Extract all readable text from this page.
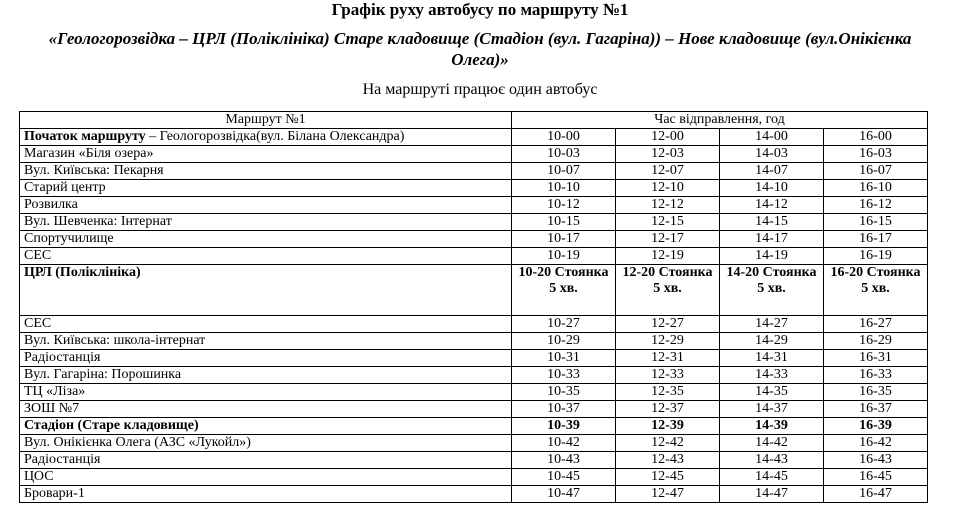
Графік руху автобусу по маршруту №1
«Геологорозвідка – ЦРЛ (Поліклініка) Старе кладовище (Стадіон (вул. Гагаріна)) – Нове кладовище (вул.Онікієнка Олега)»
На маршруті працює один автобус
Маршрут №1	Час відправлення, год			
Початок маршруту – Геологорозвідка(вул. Білана Олександра)	10-00	12-00	14-00	16-00
Магазин «Біля озера»	10-03	12-03	14-03	16-03
Вул. Київська: Пекарня	10-07	12-07	14-07	16-07
Старий центр	10-10	12-10	14-10	16-10
Розвилка	10-12	12-12	14-12	16-12
Вул. Шевченка: Інтернат	10-15	12-15	14-15	16-15
Спортучилище	10-17	12-17	14-17	16-17
СЕС	10-19	12-19	14-19	16-19
ЦРЛ (Поліклініка)	10-20 Стоянка 5 хв.	12-20 Стоянка 5 хв.	14-20 Стоянка 5 хв.	16-20 Стоянка 5 хв.
СЕС	10-27	12-27	14-27	16-27
Вул. Київська: школа-інтернат	10-29	12-29	14-29	16-29
Радіостанція	10-31	12-31	14-31	16-31
Вул. Гагаріна: Порошинка	10-33	12-33	14-33	16-33
ТЦ «Ліза»	10-35	12-35	14-35	16-35
ЗОШ №7	10-37	12-37	14-37	16-37
Стадіон (Старе кладовище)	10-39	12-39	14-39	16-39
Вул. Онікієнка Олега (АЗС «Лукойл»)	10-42	12-42	14-42	16-42
Радіостанція	10-43	12-43	14-43	16-43
ЦОС	10-45	12-45	14-45	16-45
Бровари-1	10-47	12-47	14-47	16-47
